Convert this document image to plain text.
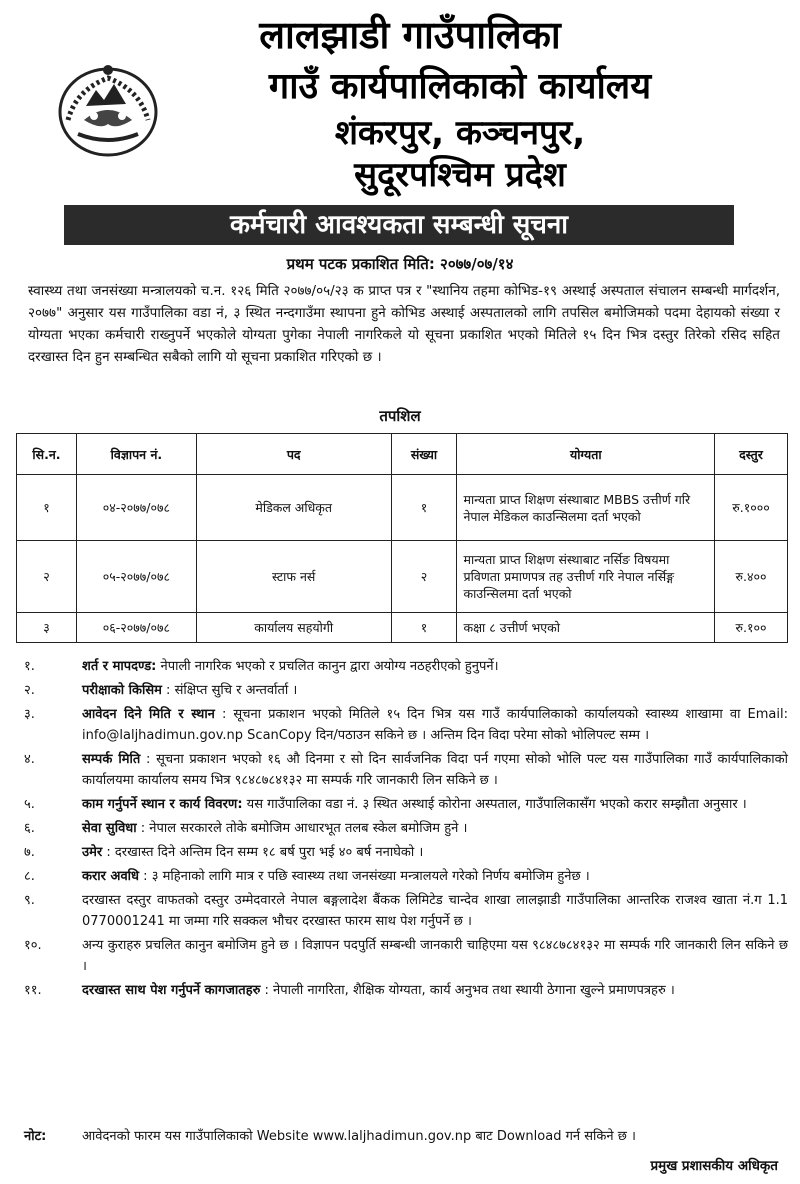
लालझाडी गाउँपालिका
गाउँ कार्यपालिकाको कार्यालय
शंकरपुर, कञ्चनपुर,
सुदूरपश्चिम प्रदेश
कर्मचारी आवश्यकता सम्बन्धी सूचना
प्रथम पटक प्रकाशित मिति: २०७७/०७/१४
स्वास्थ्य तथा जनसंख्या मन्त्रालयको च.न. १२६ मिति २०७७/०५/२३ क प्राप्त पत्र र "स्थानिय तहमा कोभिड-१९ अस्थाई अस्पताल संचालन सम्बन्धी मार्गदर्शन, २०७७" अनुसार यस गाउँपालिका वडा नं, ३ स्थित नन्दगाउँमा स्थापना हुने कोभिड अस्थाई अस्पतालको लागि तपसिल बमोजिमको पदमा देहायको संख्या र योग्यता भएका कर्मचारी राख्नुपर्ने भएकोले योग्यता पुगेका नेपाली नागरिकले यो सूचना प्रकाशित भएको मितिले १५ दिन भित्र दस्तुर तिरेको रसिद सहित दरखास्त दिन हुन सम्बन्धित सबैको लागि यो सूचना प्रकाशित गरिएको छ ।
तपशिल
सि.न.	विज्ञापन नं.	पद	संख्या	योग्यता	दस्तुर
१	०४-२०७७/०७८	मेडिकल अधिकृत	१	मान्यता प्राप्त शिक्षण संस्थाबाट MBBS उत्तीर्ण गरि नेपाल मेडिकल काउन्सिलमा दर्ता भएको	रु.१०००
२	०५-२०७७/०७८	स्टाफ नर्स	२	मान्यता प्राप्त शिक्षण संस्थाबाट नर्सिङ विषयमा प्रविणता प्रमाणपत्र तह उत्तीर्ण गरि नेपाल नर्सिङ्ग काउन्सिलमा दर्ता भएको	रु.४००
३	०६-२०७७/०७८	कार्यालय सहयोगी	१	कक्षा ८ उत्तीर्ण भएको	रु.१००
१.	शर्त र मापदण्ड: नेपाली नागरिक भएको र प्रचलित कानुन द्वारा अयोग्य नठहरीएको हुनुपर्ने।
२.	परीक्षाको किसिम : संक्षिप्त सुचि र अन्तर्वार्ता ।
३.	आवेदन दिने मिति र स्थान : सूचना प्रकाशन भएको मितिले १५ दिन भित्र यस गाउँ कार्यपालिकाको कार्यालयको स्वास्थ्य शाखामा वा Email: info@laljhadimun.gov.np ScanCopy दिन/पठाउन सकिने छ । अन्तिम दिन विदा परेमा सोको भोलिपल्ट सम्म ।
४.	सम्पर्क मिति : सूचना प्रकाशन भएको १६ औ दिनमा र सो दिन सार्वजनिक विदा पर्न गएमा सोको भोलि पल्ट यस गाउँपालिका गाउँ कार्यपालिकाको कार्यालयमा कार्यालय समय भित्र ९८४८७८४१३२ मा सम्पर्क गरि जानकारी लिन सकिने छ ।
५.	काम गर्नुपर्ने स्थान र कार्य विवरण: यस गाउँपालिका वडा नं. ३ स्थित अस्थाई कोरोना अस्पताल, गाउँपालिकासँग भएको करार सम्झौता अनुसार ।
६.	सेवा सुविधा : नेपाल सरकारले तोके बमोजिम आधारभूत तलब स्केल बमोजिम हुने ।
७.	उमेर : दरखास्त दिने अन्तिम दिन सम्म १८ बर्ष पुरा भई ४० बर्ष ननाघेको ।
८.	करार अवधि : ३ महिनाको लागि मात्र र पछि स्वास्थ्य तथा जनसंख्या मन्त्रालयले गरेको निर्णय बमोजिम हुनेछ ।
९.	दरखास्त दस्तुर वाफतको दस्तुर उम्मेदवारले नेपाल बङ्गलादेश बैंकक लिमिटेड चान्देव शाखा लालझाडी गाउँपालिका आन्तरिक राजश्व खाता नं.ग 1.1 0770001241 मा जम्मा गरि सक्कल भौचर दरखास्त फारम साथ पेश गर्नुपर्ने छ ।
१०.	अन्य कुराहरु प्रचलित कानुन बमोजिम हुने छ । विज्ञापन पदपुर्ति सम्बन्धी जानकारी चाहिएमा यस ९८४८७८४१३२ मा सम्पर्क गरि जानकारी लिन सकिने छ ।
११.	दरखास्त साथ पेश गर्नुपर्ने कागजातहरु : नेपाली नागरिता, शैक्षिक योग्यता, कार्य अनुभव तथा स्थायी ठेगाना खुल्ने प्रमाणपत्रहरु ।
नोट:	आवेदनको फारम यस गाउँपालिकाको Website www.laljhadimun.gov.np बाट Download गर्न सकिने छ ।
प्रमुख प्रशासकीय अधिकृत
